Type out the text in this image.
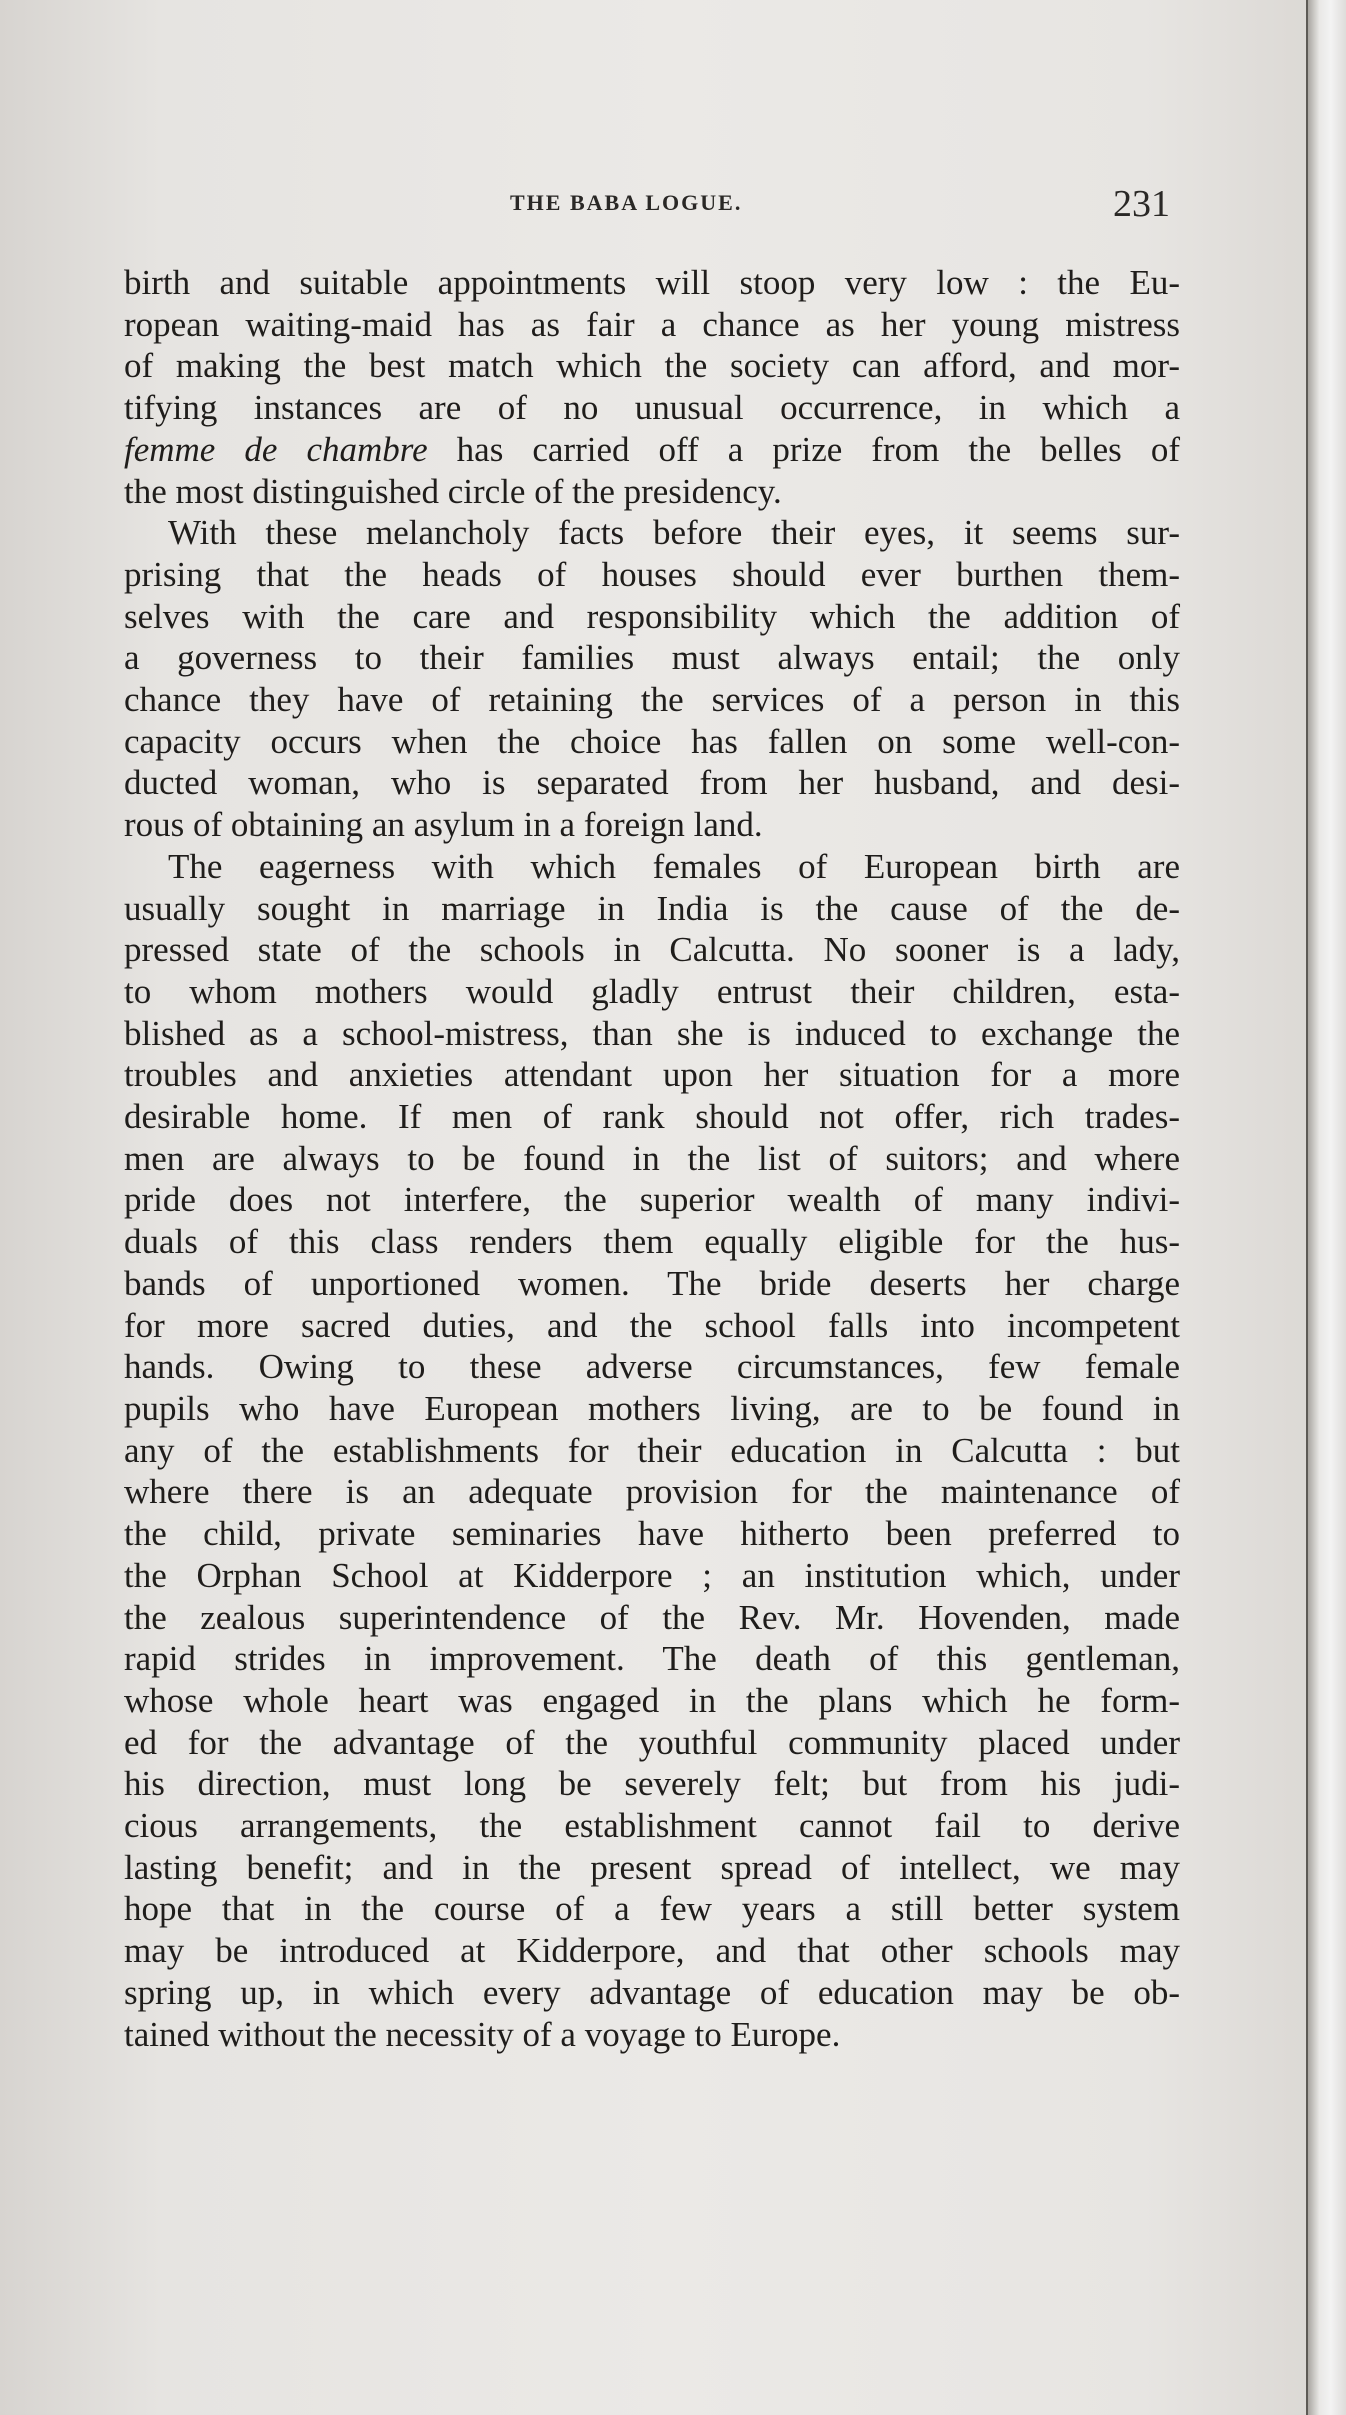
THE BABA LOGUE.	231

birth and suitable appointments will stoop very low : the Eu-
ropean waiting-maid has as fair a chance as her young mistress
of making the best match which the society can afford, and mor-
tifying instances are of no unusual occurrence, in which a
femme de chambre has carried off a prize from the belles of
the most distinguished circle of the presidency.

With these melancholy facts before their eyes, it seems sur-
prising that the heads of houses should ever burthen them-
selves with the care and responsibility which the addition of
a governess to their families must always entail; the only
chance they have of retaining the services of a person in this
capacity occurs when the choice has fallen on some well-con-
ducted woman, who is separated from her husband, and desi-
rous of obtaining an asylum in a foreign land.

The eagerness with which females of European birth are
usually sought in marriage in India is the cause of the de-
pressed state of the schools in Calcutta. No sooner is a lady,
to whom mothers would gladly entrust their children, esta-
blished as a school-mistress, than she is induced to exchange the
troubles and anxieties attendant upon her situation for a more
desirable home. If men of rank should not offer, rich trades-
men are always to be found in the list of suitors; and where
pride does not interfere, the superior wealth of many indivi-
duals of this class renders them equally eligible for the hus-
bands of unportioned women. The bride deserts her charge
for more sacred duties, and the school falls into incompetent
hands. Owing to these adverse circumstances, few female
pupils who have European mothers living, are to be found in
any of the establishments for their education in Calcutta : but
where there is an adequate provision for the maintenance of
the child, private seminaries have hitherto been preferred to
the Orphan School at Kidderpore ; an institution which, under
the zealous superintendence of the Rev. Mr. Hovenden, made
rapid strides in improvement. The death of this gentleman,
whose whole heart was engaged in the plans which he form-
ed for the advantage of the youthful community placed under
his direction, must long be severely felt; but from his judi-
cious arrangements, the establishment cannot fail to derive
lasting benefit; and in the present spread of intellect, we may
hope that in the course of a few years a still better system
may be introduced at Kidderpore, and that other schools may
spring up, in which every advantage of education may be ob-
tained without the necessity of a voyage to Europe.
